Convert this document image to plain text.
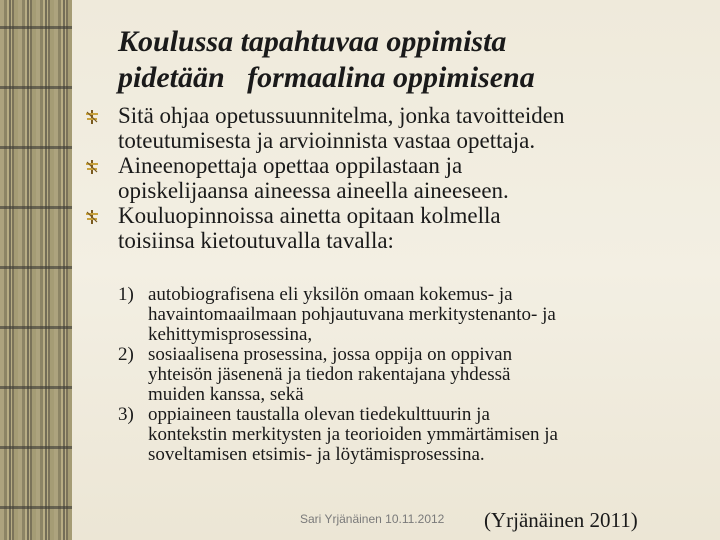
Koulussa tapahtuvaa oppimista
pidetään   formaalina oppimisena
Sitä ohjaa opetussuunnitelma, jonka tavoitteiden
toteutumisesta ja arvioinnista vastaa opettaja.
Aineenopettaja opettaa oppilastaan ja
opiskelijaansa aineessa aineella aineeseen.
Kouluopinnoissa ainetta opitaan kolmella
toisiinsa kietoutuvalla tavalla:
1) autobiografisena eli yksilön omaan kokemus- ja
havaintomaailmaan pohjautuvana merkitystenanto- ja
kehittymisprosessina,
2) sosiaalisena prosessina, jossa oppija on oppivan
yhteisön jäsenenä ja tiedon rakentajana yhdessä
muiden kanssa, sekä
3) oppiaineen taustalla olevan tiedekulttuurin ja
kontekstin merkitysten ja teorioiden ymmärtämisen ja
soveltamisen etsimis- ja löytämisprosessina.
Sari Yrjänäinen 10.11.2012 (Yrjänäinen 2011)
